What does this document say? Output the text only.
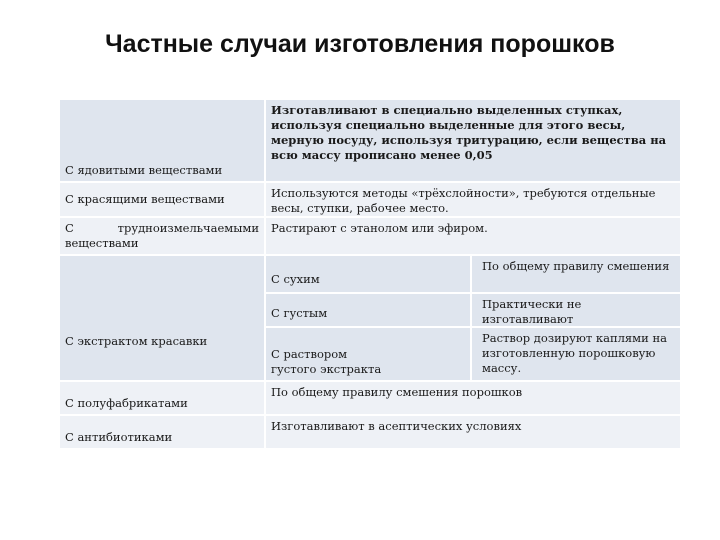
Частные случаи изготовления порошков
С ядовитыми веществами
Изготавливают в специально выделенных ступках, используя специально выделенные для этого весы, мерную посуду, используя тритурацию, если вещества на всю массу прописано менее 0,05
С красящими веществами	Используются методы «трёхслойности», требуются отдельные весы, ступки, рабочее место.
С	трудноизмельчаемыми
веществами
Растирают с этанолом или эфиром.
С экстрактом красавки
С сухим
По общему правилу смешения
С густым
Практически не изготавливают
С раствором густого экстракта
Раствор дозируют каплями на изготовленную порошковую массу.
С полуфабрикатами
По общему правилу смешения порошков
С антибиотиками
Изготавливают в асептических условиях
